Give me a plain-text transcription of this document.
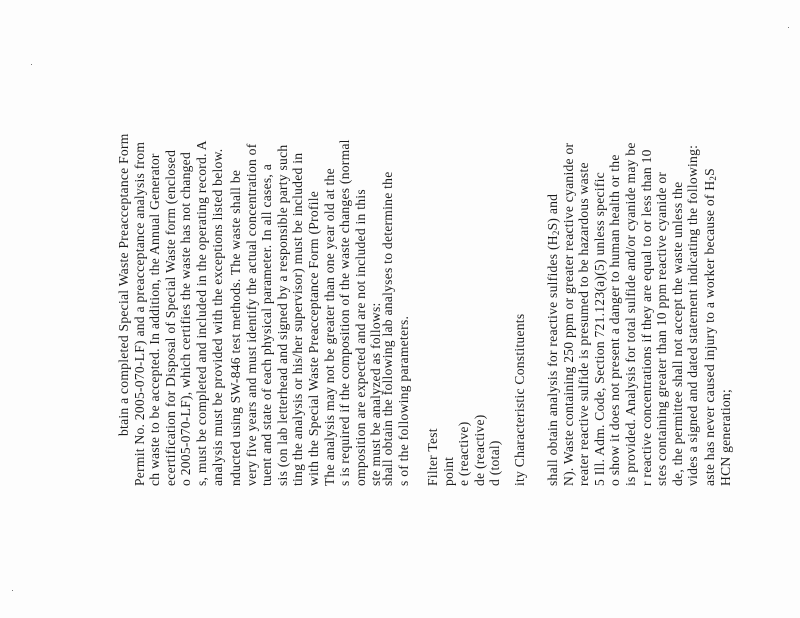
btain a completed Special Waste Preacceptance Form Permit No. 2005-070-LF) and a preacceptance analysis from ch waste to be accepted. In addition, the Annual Generator ecertification for Disposal of Special Waste form (enclosed o 2005-070-LF), which certifies the waste has not changed s, must be completed and included in the operating record. A analysis must be provided with the exceptions listed below. nducted using SW-846 test methods. The waste shall be very five years and must identify the actual concentration of tuent and state of each physical parameter. In all cases, a sis (on lab letterhead and signed by a responsible party such ting the analysis or his/her supervisor) must be included in with the Special Waste Preacceptance Form (Profile The analysis may not be greater than one year old at the s is required if the composition of the waste changes (normal omposition are expected and are not included in this ste must be analyzed as follows:
shall obtain the following lab analyses to determine the s of the following parameters. Filter Test point e (reactive) de (reactive) d (total) ity Characteristic Constituents shall obtain analysis for reactive sulfides $(H_2S)$ and N). Waste containing 250 ppm or greater reactive cyanide or reater reactive sulfide is presumed to be hazardous waste 5 Ill. Adm. Code, Section 721.123(a)(5) unless specific o show it does not present a danger to human health or the is provided. Analysis for total sulfide and/or cyanide may be r reactive concentrations if they are equal to or less than 10 stes containing greater than 10 ppm reactive cyanide or de, the permittee shall not accept the waste unless the vides a signed and dated statement indicating the following: aste has never caused injury to a worker because of $H_2S$
HCN generation;
